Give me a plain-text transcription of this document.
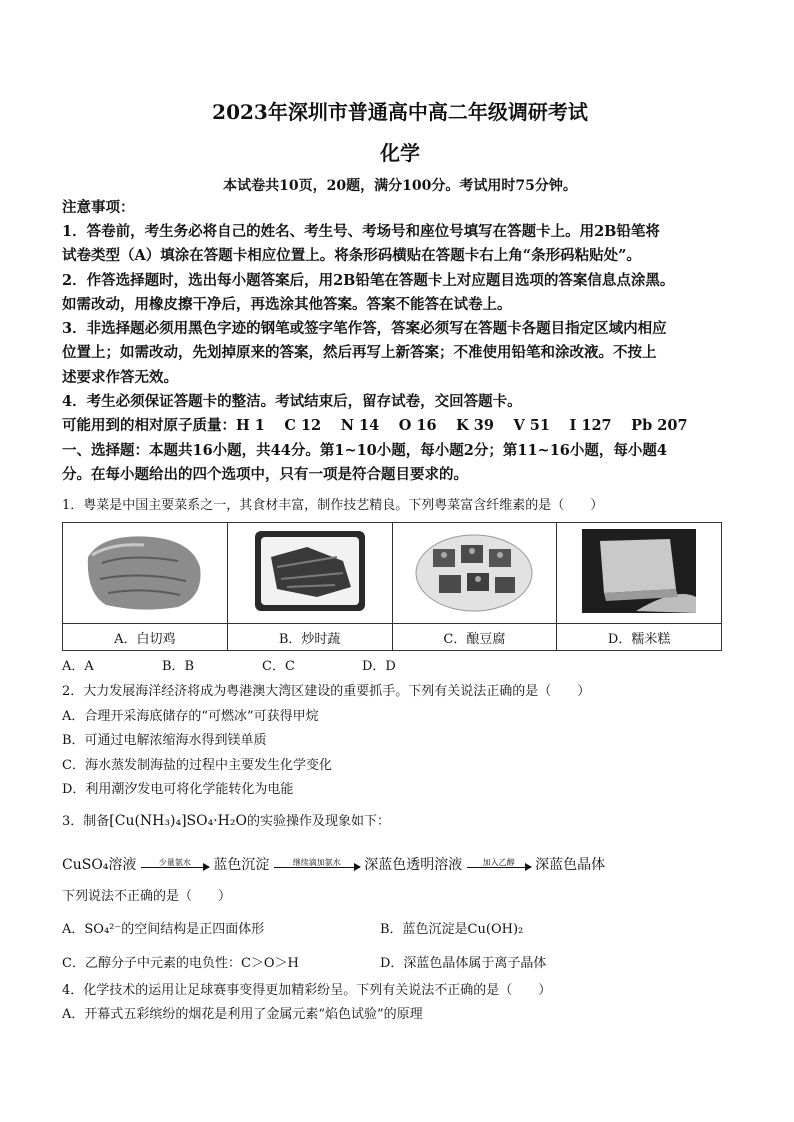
2023年深圳市普通高中高二年级调研考试
化学
本试卷共10页，20题，满分100分。考试用时75分钟。
注意事项：

1．答卷前，考生务必将自己的姓名、考生号、考场号和座位号填写在答题卡上。用2B铅笔将

试卷类型（A）填涂在答题卡相应位置上。将条形码横贴在答题卡右上角“条形码粘贴处”。

2．作答选择题时，选出每小题答案后，用2B铅笔在答题卡上对应题目选项的答案信息点涂黑。

如需改动，用橡皮擦干净后，再选涂其他答案。答案不能答在试卷上。

3．非选择题必须用黑色字迹的钢笔或签字笔作答，答案必须写在答题卡各题目指定区域内相应

位置上；如需改动，先划掉原来的答案，然后再写上新答案；不准使用铅笔和涂改液。不按上

述要求作答无效。

4．考生必须保证答题卡的整洁。考试结束后，留存试卷，交回答题卡。

可能用到的相对原子质量：H 1　 C 12　 N 14　 O 16　 K 39　 V 51　 I 127　 Pb 207

一、选择题：本题共16小题，共44分。第1~10小题，每小题2分；第11~16小题，每小题4

分。在每小题给出的四个选项中，只有一项是符合题目要求的。

1．粤菜是中国主要菜系之一，其食材丰富，制作技艺精良。下列粤菜富含纤维素的是（　　）

A．白切鸡	B．炒时蔬	C．酿豆腐	D．糯米糕
A．A	B．B	C．C	D．D

2．大力发展海洋经济将成为粤港澳大湾区建设的重要抓手。下列有关说法正确的是（　　）

A．合理开采海底储存的“可燃冰”可获得甲烷

B．可通过电解浓缩海水得到镁单质

C．海水蒸发制海盐的过程中主要发生化学变化

D．利用潮汐发电可将化学能转化为电能

3．制备[Cu(NH₃)₄]SO₄·H₂O的实验操作及现象如下：

CuSO₄溶液	少量氨水	蓝色沉淀	继续滴加氨水	深蓝色透明溶液	加入乙醇	深蓝色晶体

下列说法不正确的是（　　）

A．SO₄²⁻的空间结构是正四面体形	B．蓝色沉淀是Cu(OH)₂
C．乙醇分子中元素的电负性：C＞O＞H	D．深蓝色晶体属于离子晶体

4．化学技术的运用让足球赛事变得更加精彩纷呈。下列有关说法不正确的是（　　）

A．开幕式五彩缤纷的烟花是利用了金属元素“焰色试验”的原理
